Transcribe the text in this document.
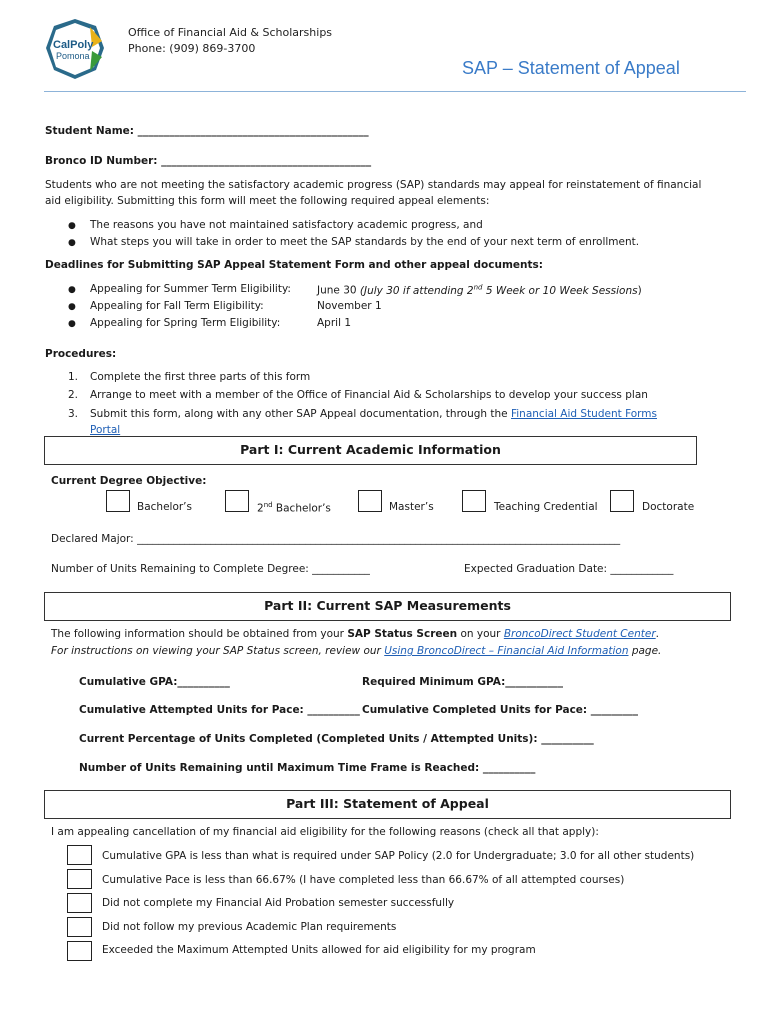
CalPoly
Pomona
Office of Financial Aid & Scholarships
Phone: (909) 869-3700
SAP – Statement of Appeal
Student Name: ____________________________________________
Bronco ID Number: ________________________________________
Students who are not meeting the satisfactory academic progress (SAP) standards may appeal for reinstatement of financial
aid eligibility. Submitting this form will meet the following required appeal elements:
● The reasons you have not maintained satisfactory academic progress, and
● What steps you will take in order to meet the SAP standards by the end of your next term of enrollment.
Deadlines for Submitting SAP Appeal Statement Form and other appeal documents:
● Appealing for Summer Term Eligibility: June 30 (July 30 if attending 2nd 5 Week or 10 Week Sessions)
● Appealing for Fall Term Eligibility:	November 1
● Appealing for Spring Term Eligibility:	April 1
Procedures:
1. Complete the first three parts of this form
2. Arrange to meet with a member of the Office of Financial Aid & Scholarships to develop your success plan
3. Submit this form, along with any other SAP Appeal documentation, through the Financial Aid Student Forms
Portal
Part I: Current Academic Information
Current Degree Objective:
Bachelor’s	2nd Bachelor’s	Master’s	Teaching Credential	Doctorate
Declared Major: ____________________________________________________________________________________________
Number of Units Remaining to Complete Degree: ___________	Expected Graduation Date: ____________
Part II: Current SAP Measurements
The following information should be obtained from your SAP Status Screen on your BroncoDirect Student Center.
For instructions on viewing your SAP Status screen, review our Using BroncoDirect – Financial Aid Information page.
Cumulative GPA:__________	Required Minimum GPA:___________
Cumulative Attempted Units for Pace: __________ Cumulative Completed Units for Pace: _________
Current Percentage of Units Completed (Completed Units / Attempted Units): __________
Number of Units Remaining until Maximum Time Frame is Reached: __________
Part III: Statement of Appeal
I am appealing cancellation of my financial aid eligibility for the following reasons (check all that apply):
Cumulative GPA is less than what is required under SAP Policy (2.0 for Undergraduate; 3.0 for all other students)
Cumulative Pace is less than 66.67% (I have completed less than 66.67% of all attempted courses)
Did not complete my Financial Aid Probation semester successfully
Did not follow my previous Academic Plan requirements
Exceeded the Maximum Attempted Units allowed for aid eligibility for my program
